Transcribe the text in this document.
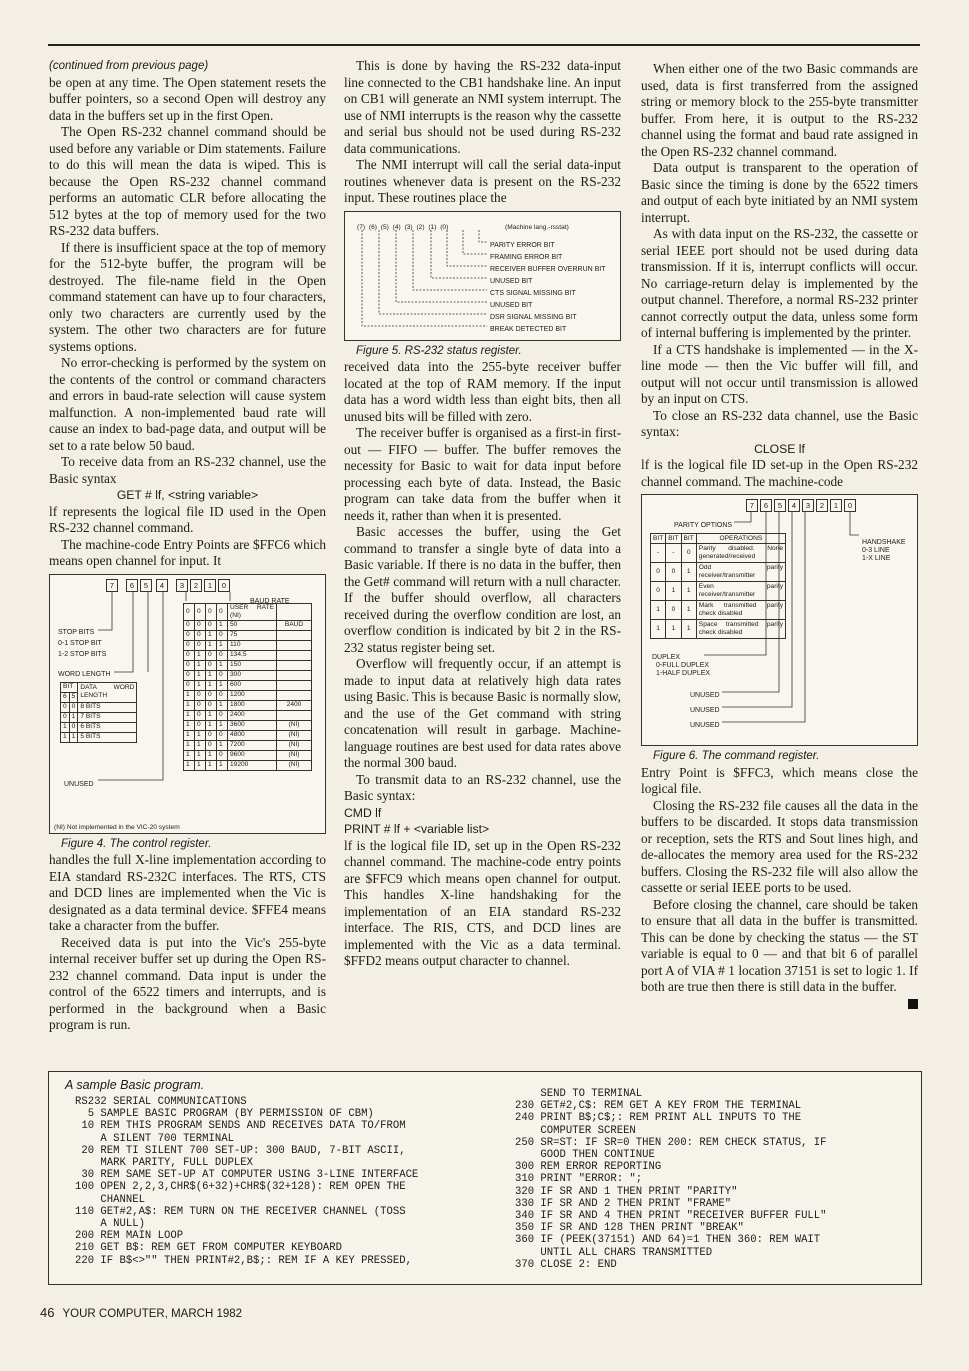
(continued from previous page)

be open at any time. The Open statement resets the buffer pointers, so a second Open will destroy any data in the buffers set up in the first Open.

The Open RS-232 channel command should be used before any variable or Dim statements. Failure to do this will mean the data is wiped. This is because the Open RS-232 channel command performs an automatic CLR before allocating the 512 bytes at the top of memory used for the two RS-232 data buffers.

If there is insufficient space at the top of memory for the 512-byte buffer, the program will be destroyed. The file-name field in the Open command statement can have up to four characters, only two characters are currently used by the system. The other two characters are for future systems options.

No error-checking is performed by the system on the contents of the control or command characters and errors in baud-rate selection will cause system malfunction. A non-implemented baud rate will cause an index to bad-page data, and output will be set to a rate below 50 baud.

To receive data from an RS-232 channel, use the Basic syntax

GET # lf, <string variable>

lf represents the logical file ID used in the Open RS-232 channel command.

The machine-code Entry Points are $FFC6 which means open channel for input. It

7 6 5 4 3 2 1 0
BAUD RATE
STOP BITS
0-1 STOP BIT
1-2 STOP BITS
WORD LENGTH
BIT		DATA WORD LENGTH
6	5	
0	0	8 BITS
0	1	7 BITS
1	0	6 BITS
1	1	5 BITS
UNUSED
0	0	0	0	USER RATE (NI)	
0	0	0	1	50	BAUD
0	0	1	0	75	
0	0	1	1	110	
0	1	0	0	134.5	
0	1	0	1	150	
0	1	1	0	300	
0	1	1	1	600	
1	0	0	0	1200	
1	0	0	1	1800	2400
1	0	1	0	2400	
1	0	1	1	3600	(NI)
1	1	0	0	4800	(NI)
1	1	0	1	7200	(NI)
1	1	1	0	9600	(NI)
1	1	1	1	19200	(NI)
(NI) Not implemented in the VIC-20 system

Figure 4. The control register.

handles the full X-line implementation according to EIA standard RS-232C interfaces. The RTS, CTS and DCD lines are implemented when the Vic is designated as a data terminal device. $FFE4 means take a character from the buffer.

Received data is put into the Vic's 255-byte internal receiver buffer set up during the Open RS-232 channel command. Data input is under the control of the 6522 timers and interrupts, and is performed in the background when a Basic program is run.

This is done by having the RS-232 data-input line connected to the CB1 handshake line. An input on CB1 will generate an NMI system interrupt. The use of NMI interrupts is the reason why the cassette and serial bus should not be used during RS-232 data communications.

The NMI interrupt will call the serial data-input routines whenever data is present on the RS-232 input. These routines place the

(7) (6) (5) (4) (3) (2) (1) (0)	(Machine lang.-rsstat)
PARITY ERROR BIT
FRAMING ERROR BIT
RECEIVER BUFFER OVERRUN BIT
UNUSED BIT
CTS SIGNAL MISSING BIT
UNUSED BIT
DSR SIGNAL MISSING BIT
BREAK DETECTED BIT

Figure 5. RS-232 status register.

received data into the 255-byte receiver buffer located at the top of RAM memory. If the input data has a word width less than eight bits, then all unused bits will be filled with zero.

The receiver buffer is organised as a first-in first-out — FIFO — buffer. The buffer removes the necessity for Basic to wait for data input before processing each byte of data. Instead, the Basic program can take data from the buffer when it needs it, rather than when it is presented.

Basic accesses the buffer, using the Get command to transfer a single byte of data into a Basic variable. If there is no data in the buffer, then the Get# command will return with a null character. If the buffer should overflow, all characters received during the overflow condition are lost, an overflow condition is indicated by bit 2 in the RS-232 status register being set.

Overflow will frequently occur, if an attempt is made to input data at relatively high data rates using Basic. This is because Basic is normally slow, and the use of the Get command with string concatenation will result in garbage. Machine-language routines are best used for data rates above the normal 300 baud.

To transmit data to an RS-232 channel, use the Basic syntax:

CMD lf

PRINT # lf + <variable list>

lf is the logical file ID, set up in the Open RS-232 channel command. The machine-code entry points are $FFC9 which means open channel for output. This handles X-line handshaking for the implementation of an EIA standard RS-232 interface. The RIS, CTS, and DCD lines are implemented with the Vic as a data terminal. $FFD2 means output character to channel.

When either one of the two Basic commands are used, data is first transferred from the assigned string or memory block to the 255-byte transmitter buffer. From here, it is output to the RS-232 channel using the format and baud rate assigned in the Open RS-232 channel command.

Data output is transparent to the operation of Basic since the timing is done by the 6522 timers and output of each byte initiated by an NMI system interrupt.

As with data input on the RS-232, the cassette or serial IEEE port should not be used during data transmission. If it is, interrupt conflicts will occur. No carriage-return delay is implemented by the output channel. Therefore, a normal RS-232 printer cannot correctly output the data, unless some form of internal buffering is implemented by the printer.

If a CTS handshake is implemented — in the X-line mode — then the Vic buffer will fill, and output will not occur until transmission is allowed by an input on CTS.

To close an RS-232 data channel, use the Basic syntax:

CLOSE lf

lf is the logical file ID set-up in the Open RS-232 channel command. The machine-code

7 6 5 4 3 2 1 0
PARITY OPTIONS
HANDSHAKE
0-3 LINE
1-X LINE
BIT	BIT	BIT	OPERATIONS
-	-	0	Parity disabled. None generated/received
0	0	1	Odd parity receiver/transmitter
0	1	1	Even parity receiver/transmitter
1	0	1	Mark transmitted parity check disabled
1	1	1	Space transmitted parity check disabled
DUPLEX
0-FULL DUPLEX
1-HALF DUPLEX
UNUSED
UNUSED
UNUSED

Figure 6. The command register.

Entry Point is $FFC3, which means close the logical file.

Closing the RS-232 file causes all the data in the buffers to be discarded. It stops data transmission or reception, sets the RTS and Sout lines high, and de-allocates the memory area used for the RS-232 buffers. Closing the RS-232 file will also allow the cassette or serial IEEE ports to be used.

Before closing the channel, care should be taken to ensure that all data in the buffer is transmitted. This can be done by checking the status — the ST variable is equal to 0 — and that bit 6 of parallel port A of VIA # 1 location 37151 is set to logic 1. If both are true then there is still data in the buffer.

A sample Basic program.
RS232 SERIAL COMMUNICATIONS
5 SAMPLE BASIC PROGRAM (BY PERMISSION OF CBM)
10 REM THIS PROGRAM SENDS AND RECEIVES DATA TO/FROM
A SILENT 700 TERMINAL
20 REM TI SILENT 700 SET-UP: 300 BAUD, 7-BIT ASCII,
MARK PARITY, FULL DUPLEX
30 REM SAME SET-UP AT COMPUTER USING 3-LINE INTERFACE
100 OPEN 2,2,3,CHR$(6+32)+CHR$(32+128): REM OPEN THE
CHANNEL
110 GET#2,A$: REM TURN ON THE RECEIVER CHANNEL (TOSS
A NULL)
200 REM MAIN LOOP
210 GET B$: REM GET FROM COMPUTER KEYBOARD
220 IF B$<>"" THEN PRINT#2,B$;: REM IF A KEY PRESSED,
SEND TO TERMINAL
230 GET#2,C$: REM GET A KEY FROM THE TERMINAL
240 PRINT B$;C$;: REM PRINT ALL INPUTS TO THE
COMPUTER SCREEN
250 SR=ST: IF SR=0 THEN 200: REM CHECK STATUS, IF
GOOD THEN CONTINUE
300 REM ERROR REPORTING
310 PRINT "ERROR: ";
320 IF SR AND 1 THEN PRINT "PARITY"
330 IF SR AND 2 THEN PRINT "FRAME"
340 IF SR AND 4 THEN PRINT "RECEIVER BUFFER FULL"
350 IF SR AND 128 THEN PRINT "BREAK"
360 IF (PEEK(37151) AND 64)=1 THEN 360: REM WAIT
UNTIL ALL CHARS TRANSMITTED
370 CLOSE 2: END
46 YOUR COMPUTER, MARCH 1982
